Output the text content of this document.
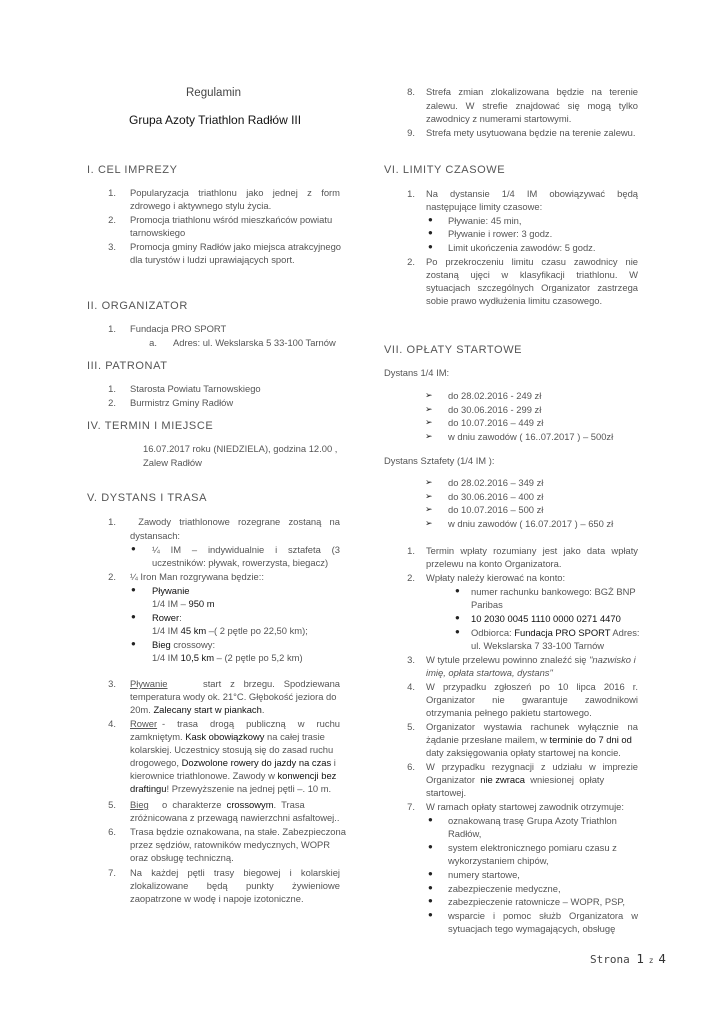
Regulamin
Grupa Azoty Triathlon Radłów III
I. CEL IMPREZY
1. Popularyzacja triathlonu jako jednej z form
zdrowego i aktywnego stylu życia.
2. Promocja triathlonu wśród mieszkańców powiatu
tarnowskiego
3. Promocja gminy Radłów jako miejsca atrakcyjnego
dla turystów i ludzi uprawiających sport.
II. ORGANIZATOR
1. Fundacja PRO SPORT
a. Adres: ul. Wekslarska 5 33-100 Tarnów
III. PATRONAT
1. Starosta Powiatu Tarnowskiego
2. Burmistrz Gminy Radłów
IV. TERMIN I MIEJSCE
16.07.2017 roku (NIEDZIELA), godzina 12.00 ,
Zalew Radłów
V. DYSTANS I TRASA
1. Zawody triathlonowe rozegrane zostaną na
dystansach:
● ¼ IM – indywidualnie i sztafeta (3
uczestników: pływak, rowerzysta, biegacz)
2. ¼ Iron Man rozgrywana będzie::
● Pływanie
1/4 IM – 950 m
● Rower:
1/4 IM 45 km –( 2 pętle po 22,50 km);
● Bieg crossowy:
1/4 IM 10,5 km – (2 pętle po 5,2 km)
3. Pływanie	start z brzegu. Spodziewana
temperatura wody ok. 21°C. Głębokość jeziora do
20m. Zalecany start w piankach.
4. Rower - trasa drogą publiczną w ruchu
zamkniętym. Kask obowiązkowy na całej trasie
kolarskiej. Uczestnicy stosują się do zasad ruchu
drogowego, Dozwolone rowery do jazdy na czas i
kierownice triathlonowe. Zawody w konwencji bez
draftingu! Przewyższenie na jednej pętli –. 10 m.
5. Bieg o  charakterze  crossowym.  Trasa
zróżnicowana z przewagą nawierzchni asfaltowej..
6. Trasa będzie oznakowana, na stałe. Zabezpieczona
przez sędziów, ratowników medycznych, WOPR
oraz obsługę techniczną.
7. Na każdej pętli trasy biegowej i kolarskiej
zlokalizowane będą punkty żywieniowe
zaopatrzone w wodę i napoje izotoniczne.
8. Strefa zmian zlokalizowana będzie na terenie
zalewu. W strefie znajdować się mogą tylko
zawodnicy z numerami startowymi.
9. Strefa mety usytuowana będzie na terenie zalewu.
VI. LIMITY CZASOWE
1. Na dystansie 1/4 IM obowiązywać będą
następujące limity czasowe:
● Pływanie: 45 min,
● Pływanie i rower: 3 godz.
● Limit ukończenia zawodów: 5 godz.
2. Po przekroczeniu limitu czasu zawodnicy nie
zostaną ujęci w klasyfikacji triathlonu. W
sytuacjach szczególnych Organizator zastrzega
sobie prawo wydłużenia limitu czasowego.
VII. OPŁATY STARTOWE
Dystans 1/4 IM:
➢ do 28.02.2016 - 249 zł
➢ do 30.06.2016 - 299 zł
➢ do 10.07.2016 – 449 zł
➢ w dniu zawodów ( 16..07.2017 ) – 500zł
Dystans Sztafety (1/4 IM ):
➢ do 28.02.2016 – 349 zł
➢ do 30.06.2016 – 400 zł
➢ do 10.07.2016 – 500 zł
➢ w dniu zawodów ( 16.07.2017 ) – 650 zł
1. Termin wpłaty rozumiany jest jako data wpłaty
przelewu na konto Organizatora.
2. Wpłaty należy kierować na konto:
● numer rachunku bankowego: BGŻ BNP
Paribas
● 10 2030 0045 1110 0000 0271 4470
● Odbiorca: Fundacja PRO SPORT Adres:
ul. Wekslarska 7 33-100 Tarnów
3. W tytule przelewu powinno znaleźć się "nazwisko i
imię, opłata startowa, dystans"
4. W przypadku zgłoszeń po 10 lipca 2016 r.
Organizator nie gwarantuje zawodnikowi
otrzymania pełnego pakietu startowego.
5. Organizator wystawia rachunek wyłącznie na
żądanie przesłane mailem, w terminie do 7 dni od
daty zaksięgowania opłaty startowej na koncie.
6. W przypadku rezygnacji z udziału w imprezie
Organizator  nie zwraca  wniesionej  opłaty
startowej.
7. W ramach opłaty startowej zawodnik otrzymuje:
● oznakowaną trasę Grupa Azoty Triathlon
Radłów,
● system elektronicznego pomiaru czasu z
wykorzystaniem chipów,
● numery startowe,
● zabezpieczenie medyczne,
● zabezpieczenie ratownicze – WOPR, PSP,
● wsparcie i pomoc służb Organizatora w
sytuacjach tego wymagających, obsługę
Strona 1 z 4
